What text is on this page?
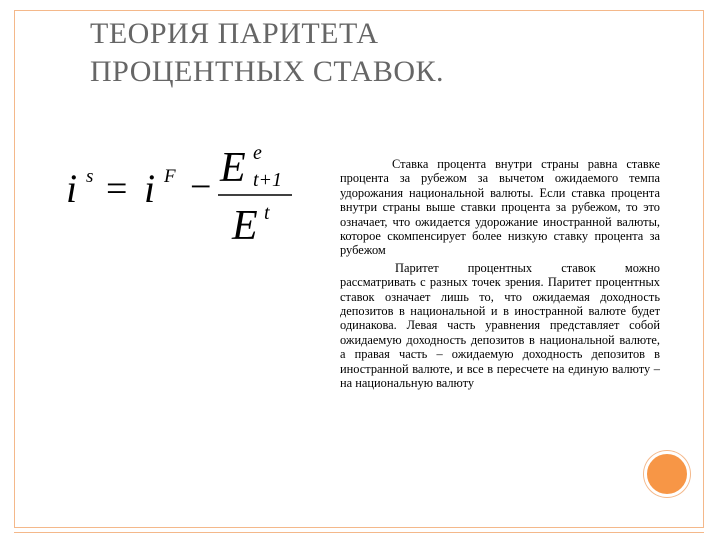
ТЕОРИЯ ПАРИТЕТА
ПРОЦЕНТНЫХ СТАВОК.
i s = i F − E e
t+1
E t

Ставка процента внутри страны равна ставке процента за рубежом за вычетом ожидаемого темпа удорожания национальной валюты. Если ставка процента внутри страны выше ставки процента за рубежом, то это означает, что ожидается удорожание иностранной валюты, которое скомпенсирует более низкую ставку процента за рубежом

Паритет процентных ставок можно рассматривать с разных точек зрения. Паритет процентных ставок означает лишь то, что ожидаемая доходность депозитов в национальной и в иностранной валюте будет одинакова. Левая часть уравнения представляет собой ожидаемую доходность депозитов в национальной валюте, а правая часть – ожидаемую доходность депозитов в иностранной валюте, и все в пересчете на единую валюту – на национальную валюту
